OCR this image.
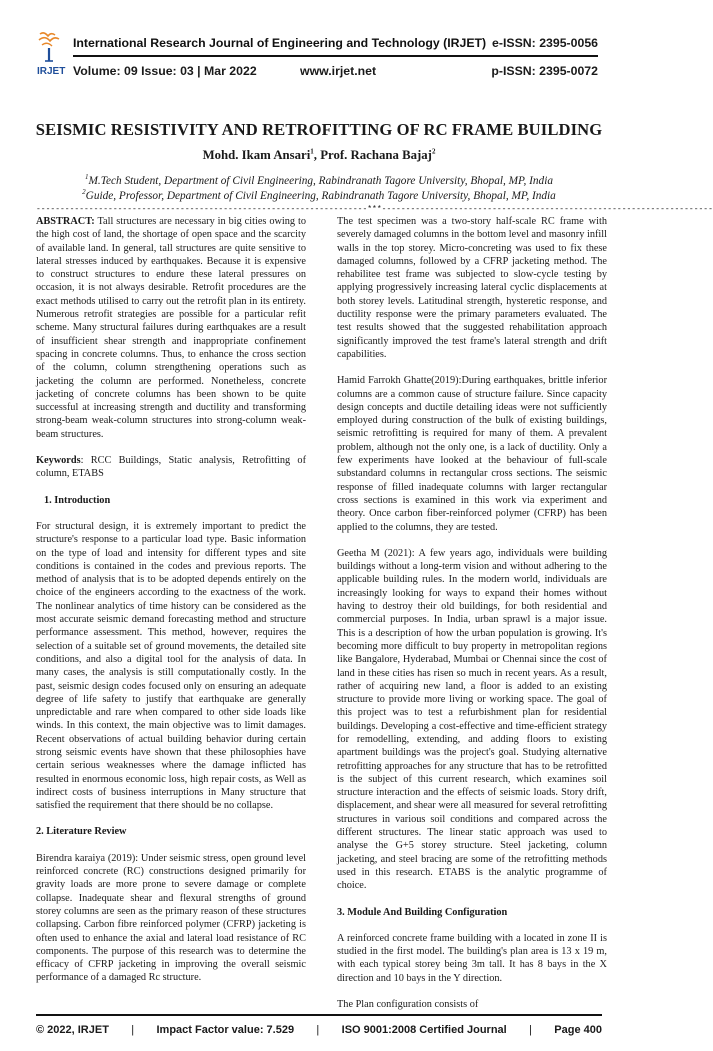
IRJET
International Research Journal of Engineering and Technology (IRJET) e-ISSN: 2395-0056
Volume: 09 Issue: 03 | Mar 2022	www.irjet.net	p-ISSN: 2395-0072
SEISMIC RESISTIVITY AND RETROFITTING OF RC FRAME BUILDING
Mohd. Ikam Ansari$^1$, Prof. Rachana Bajaj$^2$
$^1$M.Tech Student, Department of Civil Engineering, Rabindranath Tagore University, Bhopal, MP, India
$^2$Guide, Professor, Department of Civil Engineering, Rabindranath Tagore University, Bhopal, MP, India
---------------------------------------------------------------------***---------------------------------------------------------------------

ABSTRACT: Tall structures are necessary in big cities owing to the high cost of land, the shortage of open space and the scarcity of available land. In general, tall structures are quite sensitive to lateral stresses induced by earthquakes. Because it is expensive to construct structures to endure these lateral pressures on occasion, it is not always desirable. Retrofit procedures are the exact methods utilised to carry out the retrofit plan in its entirety. Numerous retrofit strategies are possible for a particular refit scheme. Many structural failures during earthquakes are a result of insufficient shear strength and inappropriate confinement spacing in concrete columns. Thus, to enhance the cross section of the column, column strengthening operations such as jacketing the column are performed. Nonetheless, concrete jacketing of concrete columns has been shown to be quite successful at increasing strength and ductility and transforming strong-beam weak-column structures into strong-column weak-beam structures.

Keywords: RCC Buildings, Static analysis, Retrofitting of column, ETABS

1. Introduction

For structural design, it is extremely important to predict the structure's response to a particular load type. Basic information on the type of load and intensity for different types and site conditions is contained in the codes and previous reports. The method of analysis that is to be adopted depends entirely on the choice of the engineers according to the exactness of the work. The nonlinear analytics of time history can be considered as the most accurate seismic demand forecasting method and structure performance assessment. This method, however, requires the selection of a suitable set of ground movements, the detailed site conditions, and also a digital tool for the analysis of data. In many cases, the analysis is still computationally costly. In the past, seismic design codes focused only on ensuring an adequate degree of life safety to justify that earthquake are generally unpredictable and rare when compared to other side loads like winds. In this context, the main objective was to limit damages. Recent observations of actual building behavior during certain strong seismic events have shown that these philosophies have certain serious weaknesses where the damage inflicted has resulted in enormous economic loss, high repair costs, as Well as indirect costs of business interruptions in Many structure that satisfied the requirement that there should be no collapse.

2. Literature Review

Birendra karaiya (2019): Under seismic stress, open ground level reinforced concrete (RC) constructions designed primarily for gravity loads are more prone to severe damage or complete collapse. Inadequate shear and flexural strengths of ground storey columns are seen as the primary reason of these structures collapsing. Carbon fibre reinforced polymer (CFRP) jacketing is often used to enhance the axial and lateral load resistance of RC components. The purpose of this research was to determine the efficacy of CFRP jacketing in improving the overall seismic performance of a damaged Rc structure.

The test specimen was a two-story half-scale RC frame with severely damaged columns in the bottom level and masonry infill walls in the top storey. Micro-concreting was used to fix these damaged columns, followed by a CFRP jacketing method. The rehabilitee test frame was subjected to slow-cycle testing by applying progressively increasing lateral cyclic displacements at both storey levels. Latitudinal strength, hysteretic response, and ductility response were the primary parameters evaluated. The test results showed that the suggested rehabilitation approach significantly improved the test frame's lateral strength and drift capabilities.

Hamid Farrokh Ghatte(2019):During earthquakes, brittle inferior columns are a common cause of structure failure. Since capacity design concepts and ductile detailing ideas were not sufficiently employed during construction of the bulk of existing buildings, seismic retrofitting is required for many of them. A prevalent problem, although not the only one, is a lack of ductility. Only a few experiments have looked at the behaviour of full-scale substandard columns in rectangular cross sections. The seismic response of filled inadequate columns with larger rectangular cross sections is examined in this work via experiment and theory. Once carbon fiber-reinforced polymer (CFRP) has been applied to the columns, they are tested.

Geetha M (2021): A few years ago, individuals were building buildings without a long-term vision and without adhering to the applicable building rules. In the modern world, individuals are increasingly looking for ways to expand their homes without having to destroy their old buildings, for both residential and commercial purposes. In India, urban sprawl is a major issue. This is a description of how the urban population is growing. It's becoming more difficult to buy property in metropolitan regions like Bangalore, Hyderabad, Mumbai or Chennai since the cost of land in these cities has risen so much in recent years. As a result, rather of acquiring new land, a floor is added to an existing structure to provide more living or working space. The goal of this project was to test a refurbishment plan for residential buildings. Developing a cost-effective and time-efficient strategy for remodelling, extending, and adding floors to existing apartment buildings was the project's goal. Studying alternative retrofitting approaches for any structure that has to be retrofitted is the subject of this current research, which examines soil structure interaction and the effects of seismic loads. Story drift, displacement, and shear were all measured for several retrofitting structures in various soil conditions and compared across the different structures. The linear static approach was used to analyse the G+5 storey structure. Steel jacketing, column jacketing, and steel bracing are some of the retrofitting methods used in this research. ETABS is the analytic programme of choice.

3. Module And Building Configuration

A reinforced concrete frame building with a located in zone II is studied in the first model. The building's plan area is 13 x 19 m, with each typical storey being 3m tall. It has 8 bays in the X direction and 10 bays in the Y direction.

The Plan configuration consists of

© 2022, IRJET | Impact Factor value: 7.529 | ISO 9001:2008 Certified Journal | Page 400
